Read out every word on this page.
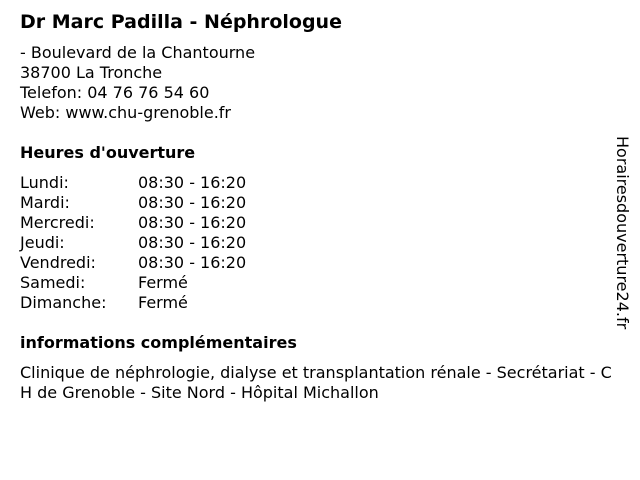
Dr Marc Padilla - Néphrologue
- Boulevard de la Chantourne
38700 La Tronche
Telefon: 04 76 76 54 60
Web: www.chu-grenoble.fr
Heures d'ouverture
Lundi:	08:30 - 16:20
Mardi:	08:30 - 16:20
Mercredi:	08:30 - 16:20
Jeudi:	08:30 - 16:20
Vendredi:	08:30 - 16:20
Samedi:	Fermé
Dimanche:	Fermé
informations complémentaires
Clinique de néphrologie, dialyse et transplantation rénale - Secrétariat - CH de Grenoble - Site Nord - Hôpital Michallon
Horairesdouverture24.fr
